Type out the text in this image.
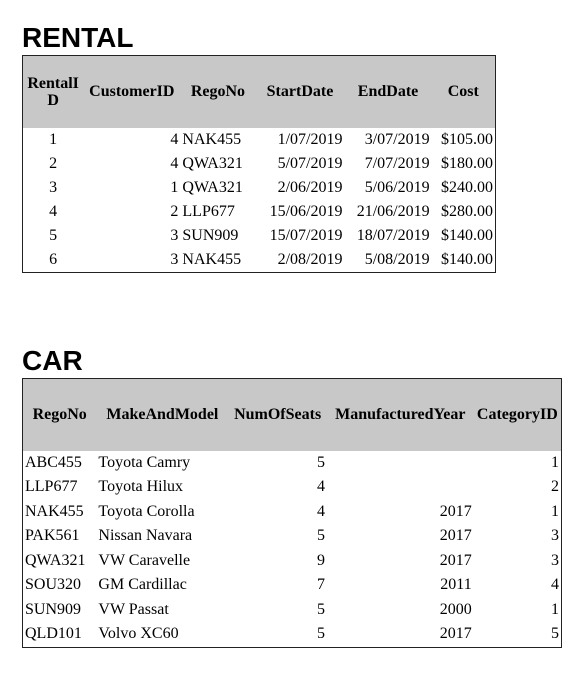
RENTAL
RentalID	CustomerID	RegoNo	StartDate	EndDate	Cost
1	4	NAK455	1/07/2019	3/07/2019	$105.00
2	4	QWA321	5/07/2019	7/07/2019	$180.00
3	1	QWA321	2/06/2019	5/06/2019	$240.00
4	2	LLP677	15/06/2019	21/06/2019	$280.00
5	3	SUN909	15/07/2019	18/07/2019	$140.00
6	3	NAK455	2/08/2019	5/08/2019	$140.00
CAR
RegoNo	MakeAndModel	NumOfSeats	ManufacturedYear	CategoryID
ABC455	Toyota Camry	5		1
LLP677	Toyota Hilux	4		2
NAK455	Toyota Corolla	4	2017	1
PAK561	Nissan Navara	5	2017	3
QWA321	VW Caravelle	9	2017	3
SOU320	GM Cardillac	7	2011	4
SUN909	VW Passat	5	2000	1
QLD101	Volvo XC60	5	2017	5
